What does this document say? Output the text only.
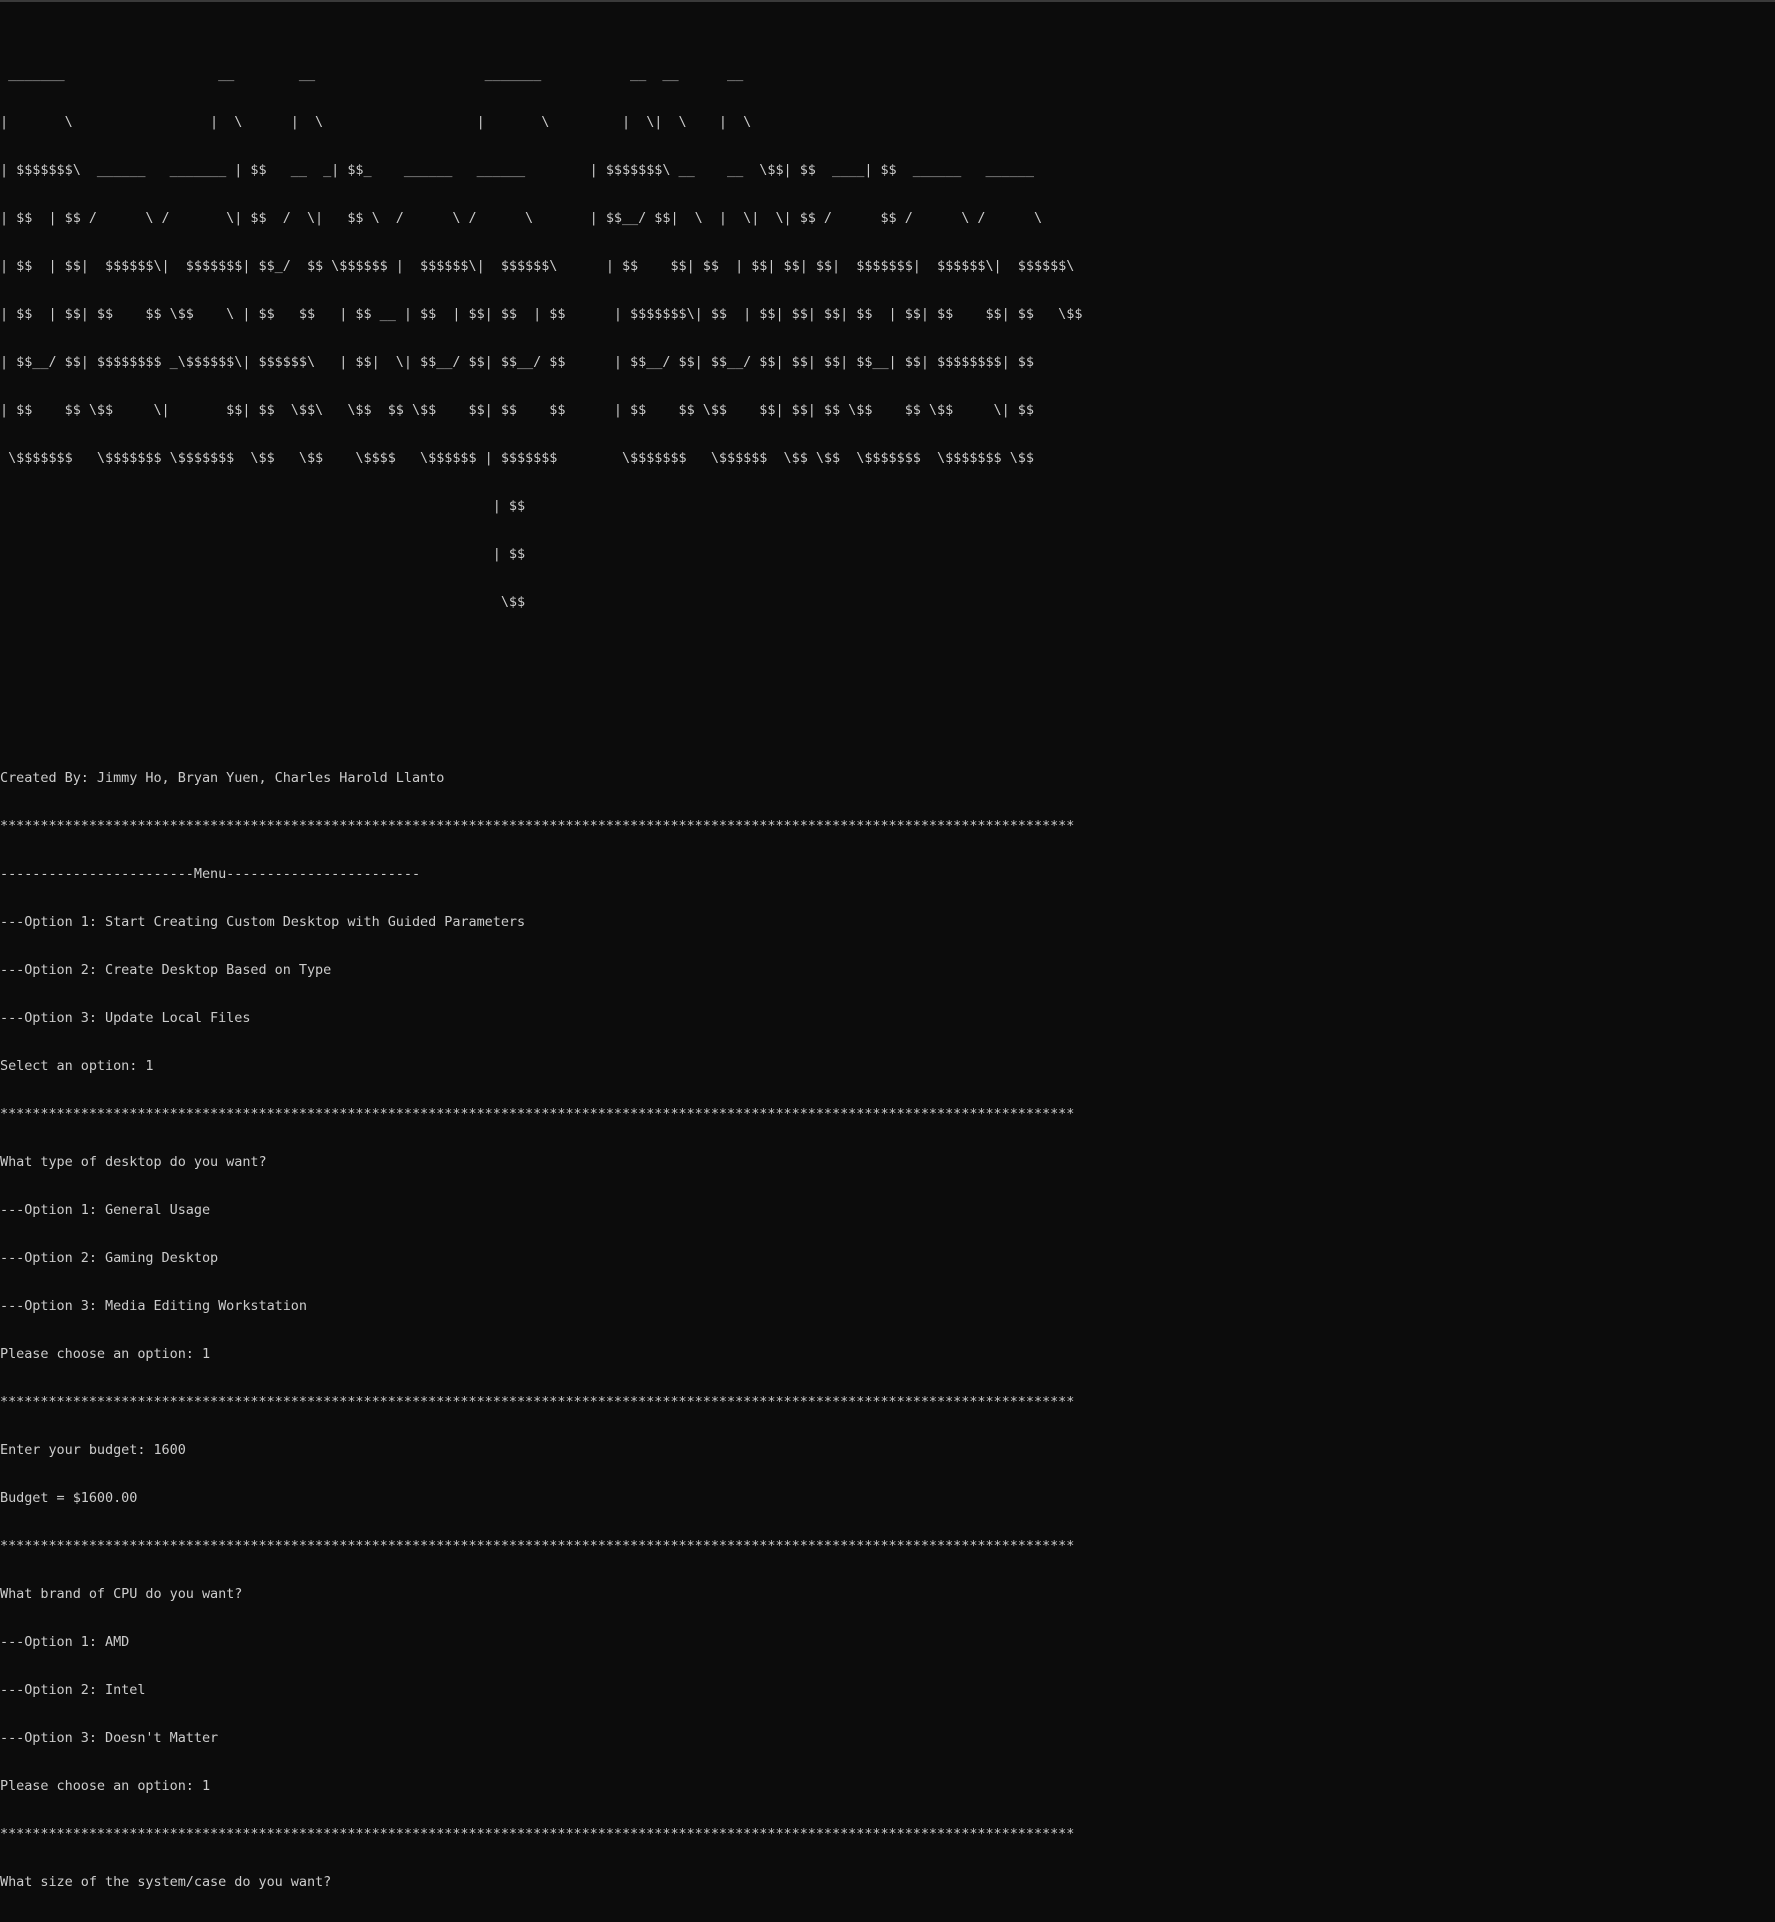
_______                   __        __                     _______           __  __      __

|       \                 |  \      |  \                   |       \         |  \|  \    |  \

| $$$$$$$\  ______   _______ | $$   __  _| $$_    ______   ______        | $$$$$$$\ __    __  \$$| $$  ____| $$  ______   ______

| $$  | $$ /      \ /       \| $$  /  \|   $$ \  /      \ /      \       | $$__/ $$|  \  |  \|  \| $$ /      $$ /      \ /      \

| $$  | $$|  $$$$$$\|  $$$$$$$| $$_/  $$ \$$$$$$ |  $$$$$$\|  $$$$$$\      | $$    $$| $$  | $$| $$| $$|  $$$$$$$|  $$$$$$\|  $$$$$$\

| $$  | $$| $$    $$ \$$    \ | $$   $$   | $$ __ | $$  | $$| $$  | $$      | $$$$$$$\| $$  | $$| $$| $$| $$  | $$| $$    $$| $$   \$$

| $$__/ $$| $$$$$$$$ _\$$$$$$\| $$$$$$\   | $$|  \| $$__/ $$| $$__/ $$      | $$__/ $$| $$__/ $$| $$| $$| $$__| $$| $$$$$$$$| $$

| $$    $$ \$$     \|       $$| $$  \$$\   \$$  $$ \$$    $$| $$    $$      | $$    $$ \$$    $$| $$| $$ \$$    $$ \$$     \| $$

\$$$$$$$   \$$$$$$$ \$$$$$$$  \$$   \$$    \$$$$   \$$$$$$ | $$$$$$$        \$$$$$$$   \$$$$$$  \$$ \$$  \$$$$$$$  \$$$$$$$ \$$

| $$

| $$

\$$

Created By: Jimmy Ho, Bryan Yuen, Charles Harold Llanto

*************************************************************************************************************************************

------------------------Menu------------------------

---Option 1: Start Creating Custom Desktop with Guided Parameters

---Option 2: Create Desktop Based on Type

---Option 3: Update Local Files

Select an option: 1

*************************************************************************************************************************************

What type of desktop do you want?

---Option 1: General Usage

---Option 2: Gaming Desktop

---Option 3: Media Editing Workstation

Please choose an option: 1

*************************************************************************************************************************************

Enter your budget: 1600

Budget = $1600.00

*************************************************************************************************************************************

What brand of CPU do you want?

---Option 1: AMD

---Option 2: Intel

---Option 3: Doesn't Matter

Please choose an option: 1

*************************************************************************************************************************************

What size of the system/case do you want?
